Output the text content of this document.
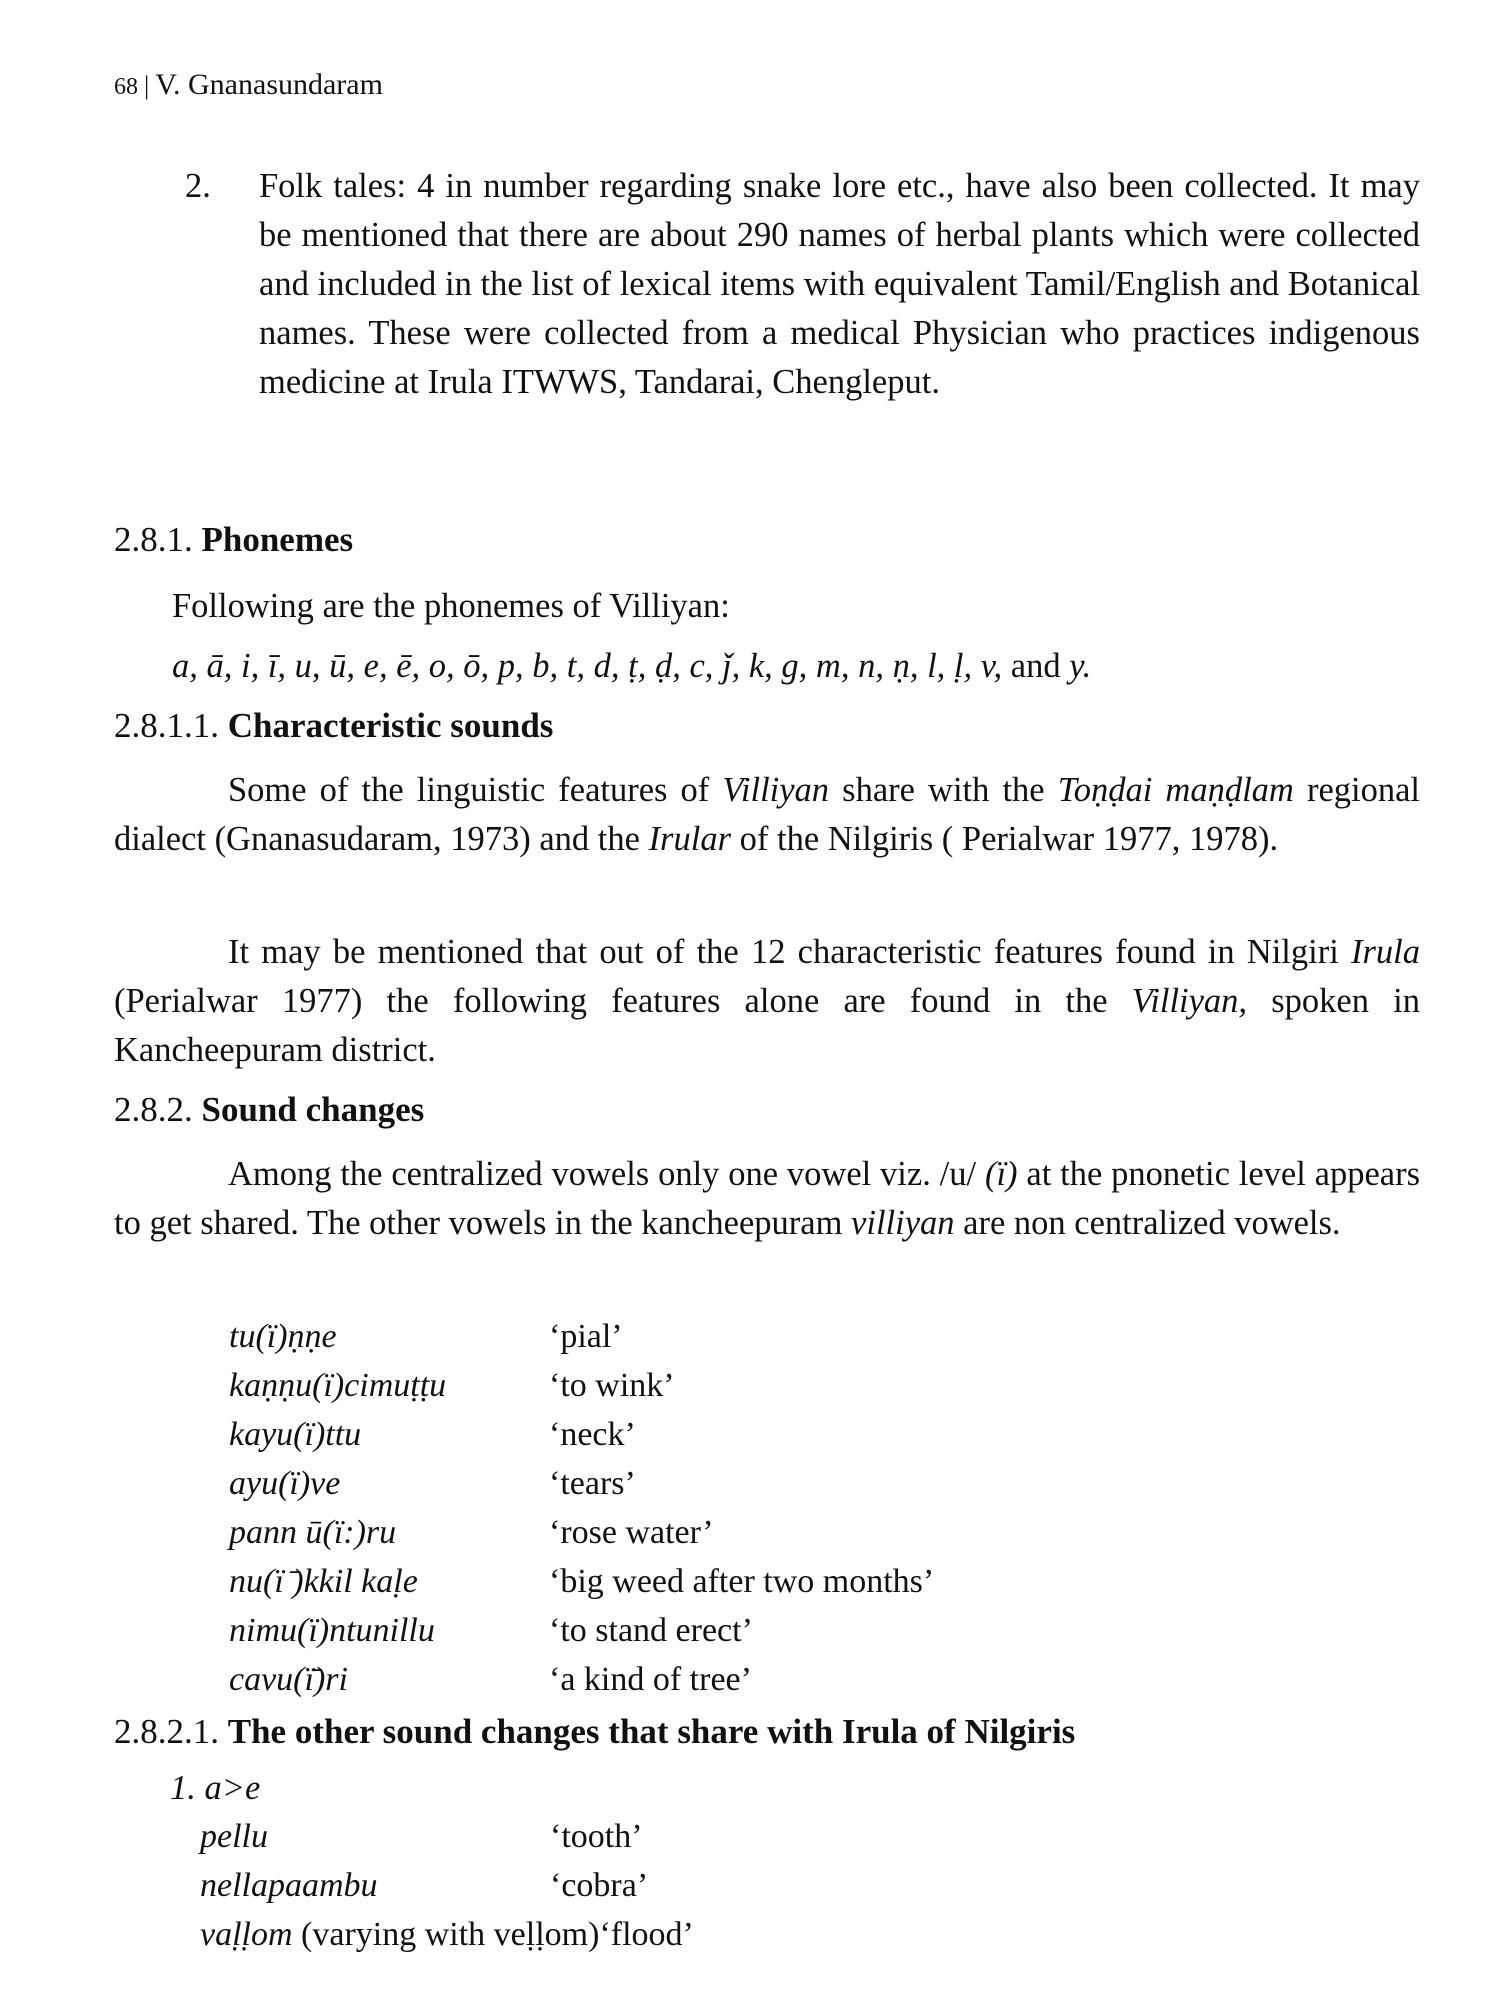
68 | V. Gnanasundaram
2. Folk tales: 4 in number regarding snake lore etc., have also been collected. It may be mentioned that there are about 290 names of herbal plants which were collected and included in the list of lexical items with equivalent Tamil/English and Botanical names. These were collected from a medical Physician who practices indigenous medicine at Irula ITWWS, Tandarai, Chengleput.
2.8.1. Phonemes
Following are the phonemes of Villiyan:
a, ā, i, ī, u, ū, e, ē, o, ō, p, b, t, d, ṭ, ḍ, c, ǰ, k, g, m, n, ṇ, l, ḷ, v, and y.
2.8.1.1. Characteristic sounds
Some of the linguistic features of Villiyan share with the Toṇḍai maṇḍlam regional dialect (Gnanasudaram, 1973) and the Irular of the Nilgiris ( Perialwar 1977, 1978).
It may be mentioned that out of the 12 characteristic features found in Nilgiri Irula (Perialwar 1977) the following features alone are found in the Villiyan, spoken in Kancheepuram district.
2.8.2. Sound changes
Among the centralized vowels only one vowel viz. /u/ (ï) at the pnonetic level appears to get shared. The other vowels in the kancheepuram villiyan are non centralized vowels.
tu(ï)ṇṇe	‘pial’
kaṇṇu(ï)cimuṭṭu	‘to wink’
kayu(ï)ttu	‘neck’
ayu(ï)ve	‘tears’
pann ū(ï:)ru	‘rose water’
nu(ï ̄)kkil kaḷe	‘big weed after two months’
nimu(ï)ntunillu	‘to stand erect’
cavu(ï̄)ri	‘a kind of tree’
2.8.2.1. The other sound changes that share with Irula of Nilgiris
1. a>e
pellu	‘tooth’
nellapaambu	‘cobra’
vaḷḷom (varying with veḷḷom)‘flood’
